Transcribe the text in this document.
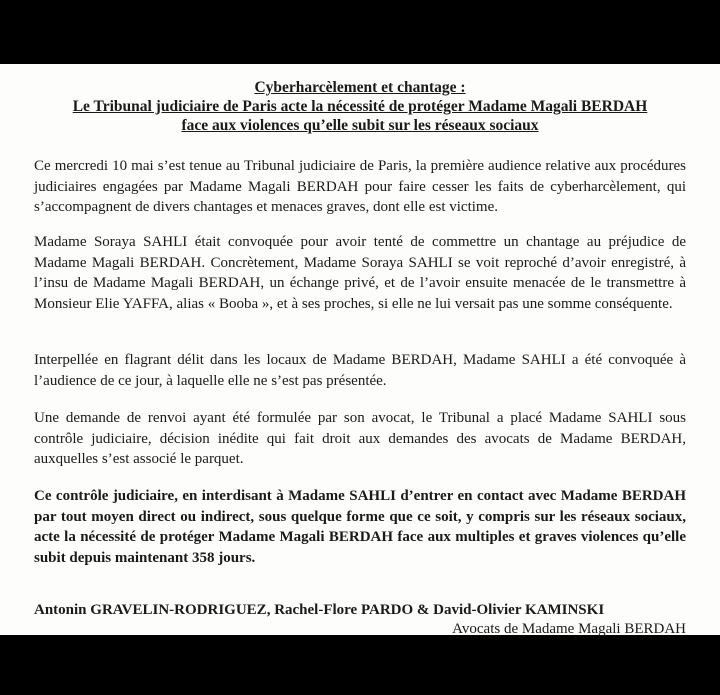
Cyberharcèlement et chantage :
Le Tribunal judiciaire de Paris acte la nécessité de protéger Madame Magali BERDAH
face aux violences qu’elle subit sur les réseaux sociaux

Ce mercredi 10 mai s’est tenue au Tribunal judiciaire de Paris, la première audience relative aux procédures judiciaires engagées par Madame Magali BERDAH pour faire cesser les faits de cyberharcèlement, qui s’accompagnent de divers chantages et menaces graves, dont elle est victime.

Madame Soraya SAHLI était convoquée pour avoir tenté de commettre un chantage au préjudice de Madame Magali BERDAH. Concrètement, Madame Soraya SAHLI se voit reproché d’avoir enregistré, à l’insu de Madame Magali BERDAH, un échange privé, et de l’avoir ensuite menacée de le transmettre à Monsieur Elie YAFFA, alias « Booba », et à ses proches, si elle ne lui versait pas une somme conséquente.

Interpellée en flagrant délit dans les locaux de Madame BERDAH, Madame SAHLI a été convoquée à l’audience de ce jour, à laquelle elle ne s’est pas présentée.

Une demande de renvoi ayant été formulée par son avocat, le Tribunal a placé Madame SAHLI sous contrôle judiciaire, décision inédite qui fait droit aux demandes des avocats de Madame BERDAH, auxquelles s’est associé le parquet.

Ce contrôle judiciaire, en interdisant à Madame SAHLI d’entrer en contact avec Madame BERDAH par tout moyen direct ou indirect, sous quelque forme que ce soit, y compris sur les réseaux sociaux, acte la nécessité de protéger Madame Magali BERDAH face aux multiples et graves violences qu’elle subit depuis maintenant 358 jours.

Antonin GRAVELIN-RODRIGUEZ, Rachel-Flore PARDO & David-Olivier KAMINSKI
Avocats de Madame Magali BERDAH
